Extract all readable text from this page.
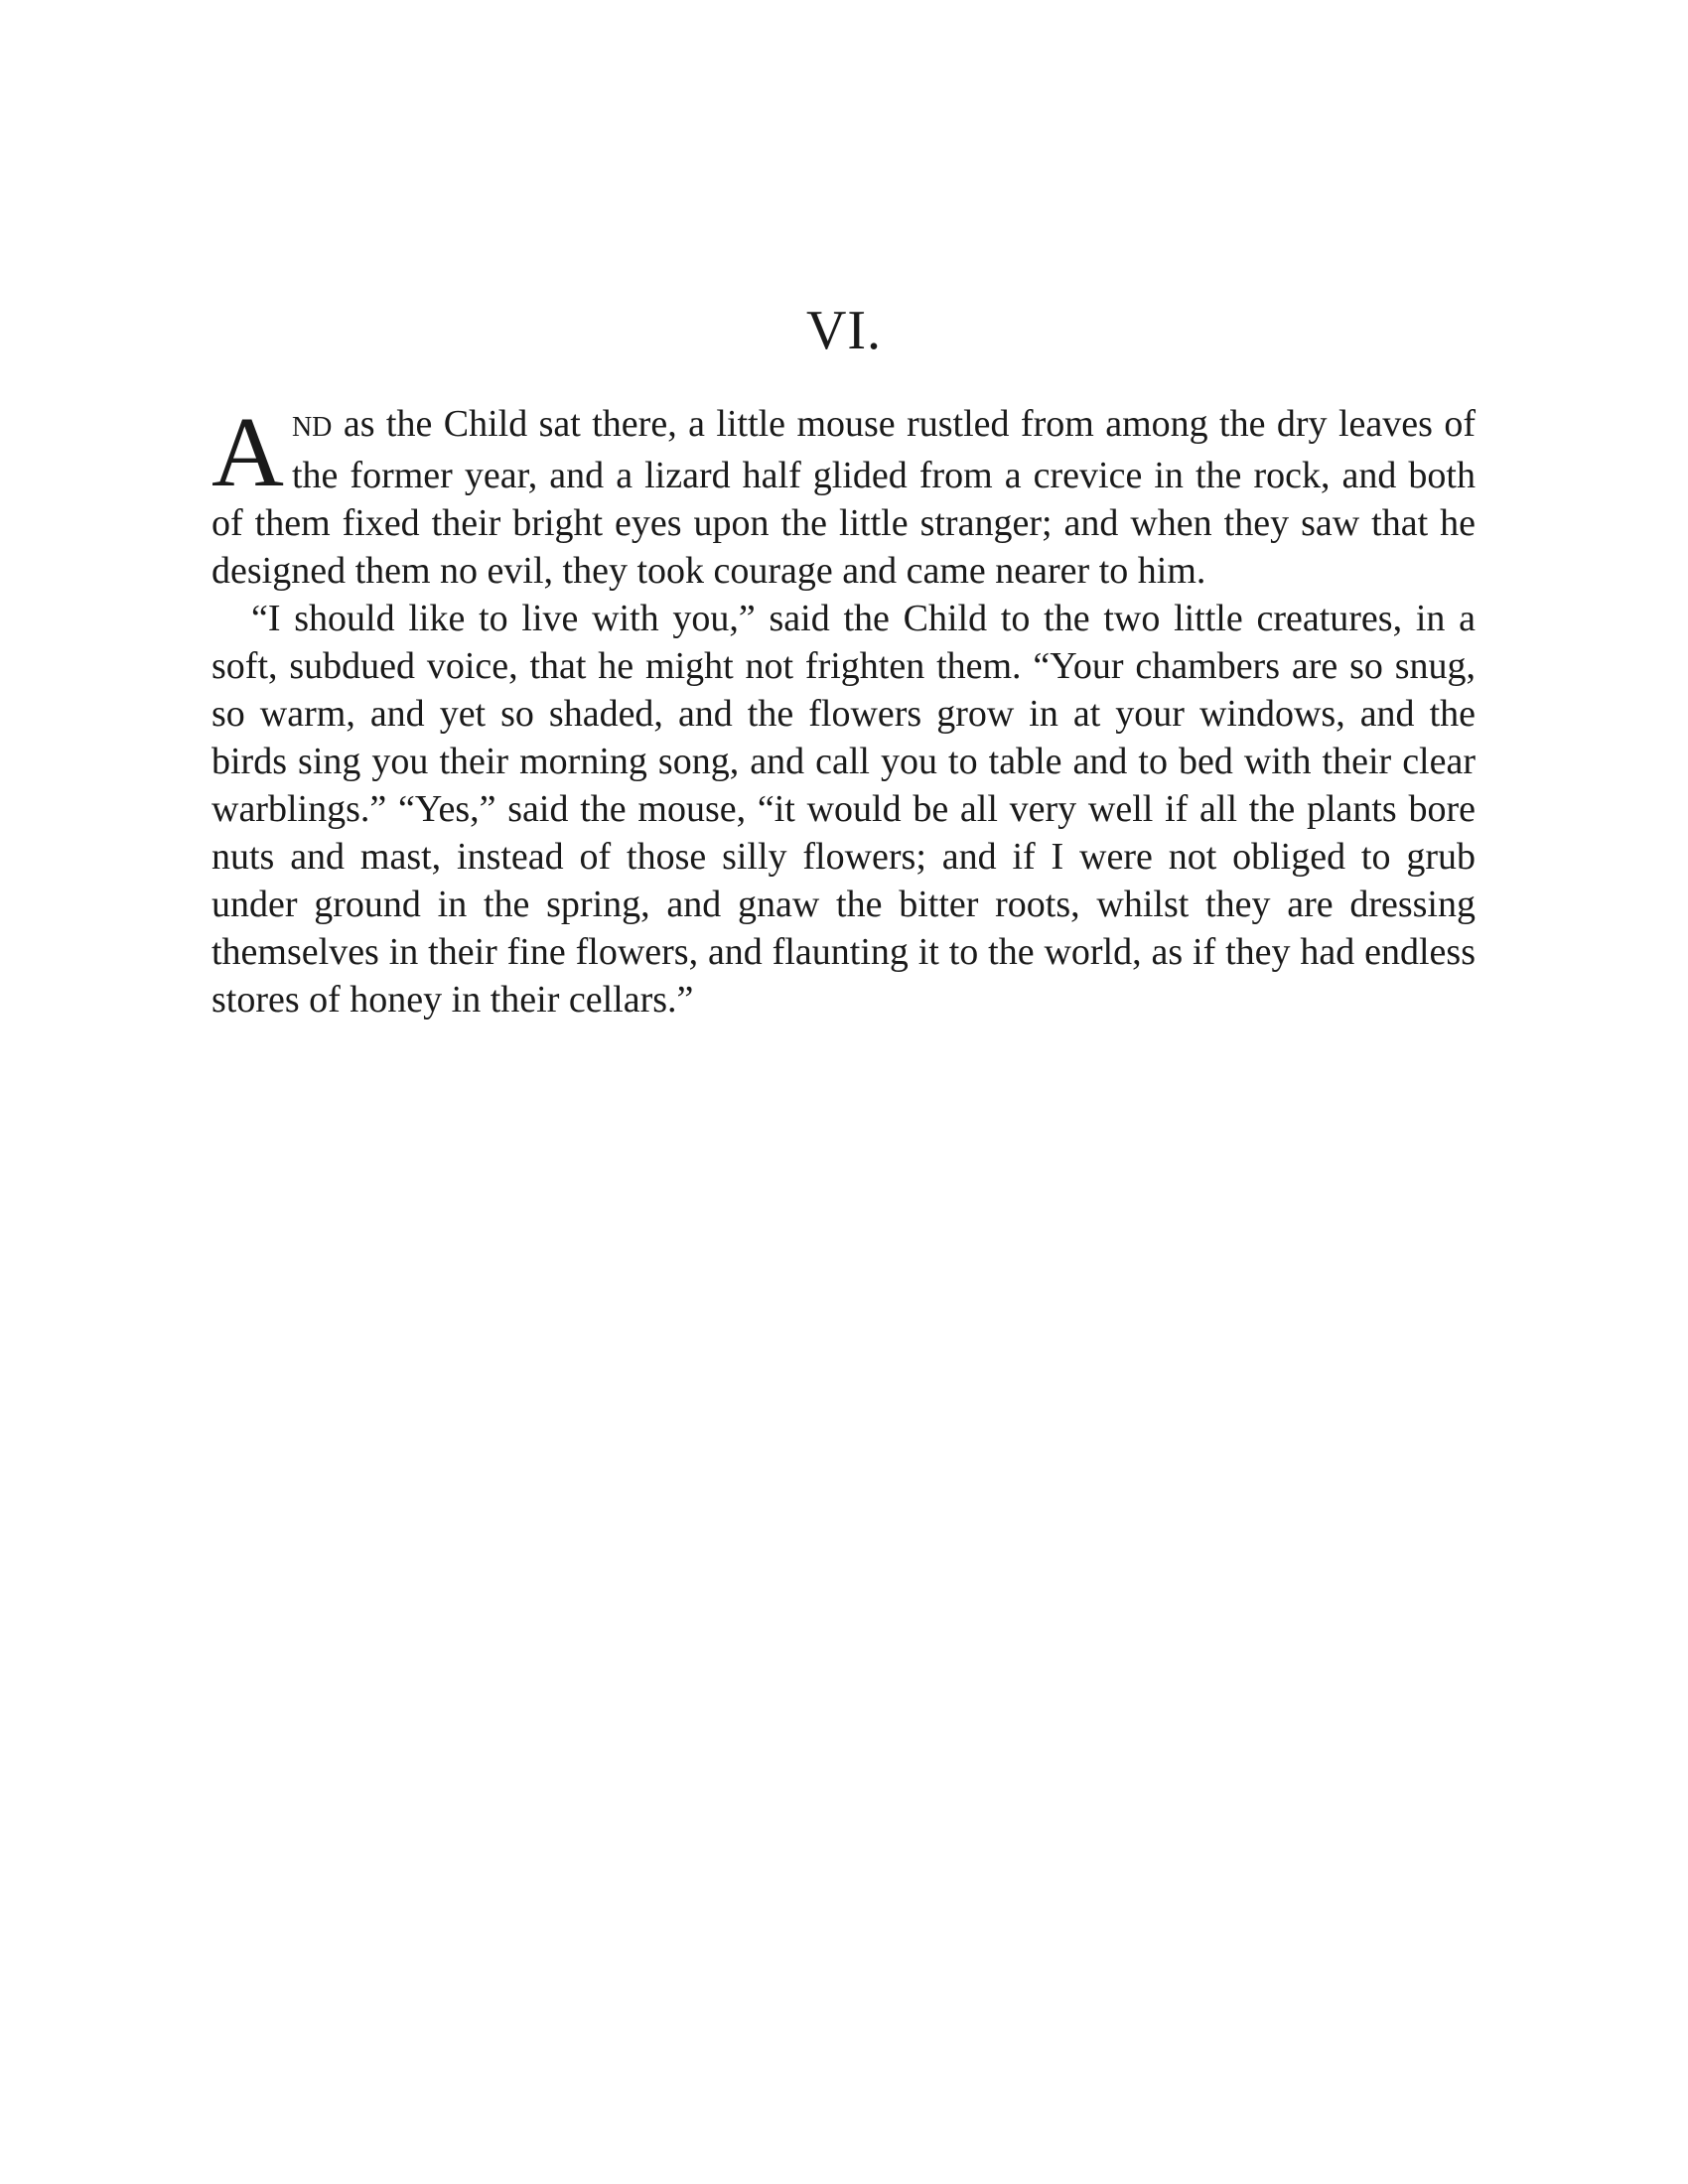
VI.

AND as the Child sat there, a little mouse rustled from among the dry leaves of the former year, and a lizard half glided from a crevice in the rock, and both of them fixed their bright eyes upon the little stranger; and when they saw that he designed them no evil, they took courage and came nearer to him.

“I should like to live with you,” said the Child to the two little creatures, in a soft, subdued voice, that he might not frighten them. “Your chambers are so snug, so warm, and yet so shaded, and the flowers grow in at your windows, and the birds sing you their morning song, and call you to table and to bed with their clear warblings.” “Yes,” said the mouse, “it would be all very well if all the plants bore nuts and mast, instead of those silly flowers; and if I were not obliged to grub under ground in the spring, and gnaw the bitter roots, whilst they are dressing themselves in their fine flowers, and flaunting it to the world, as if they had endless stores of honey in their cellars.”
